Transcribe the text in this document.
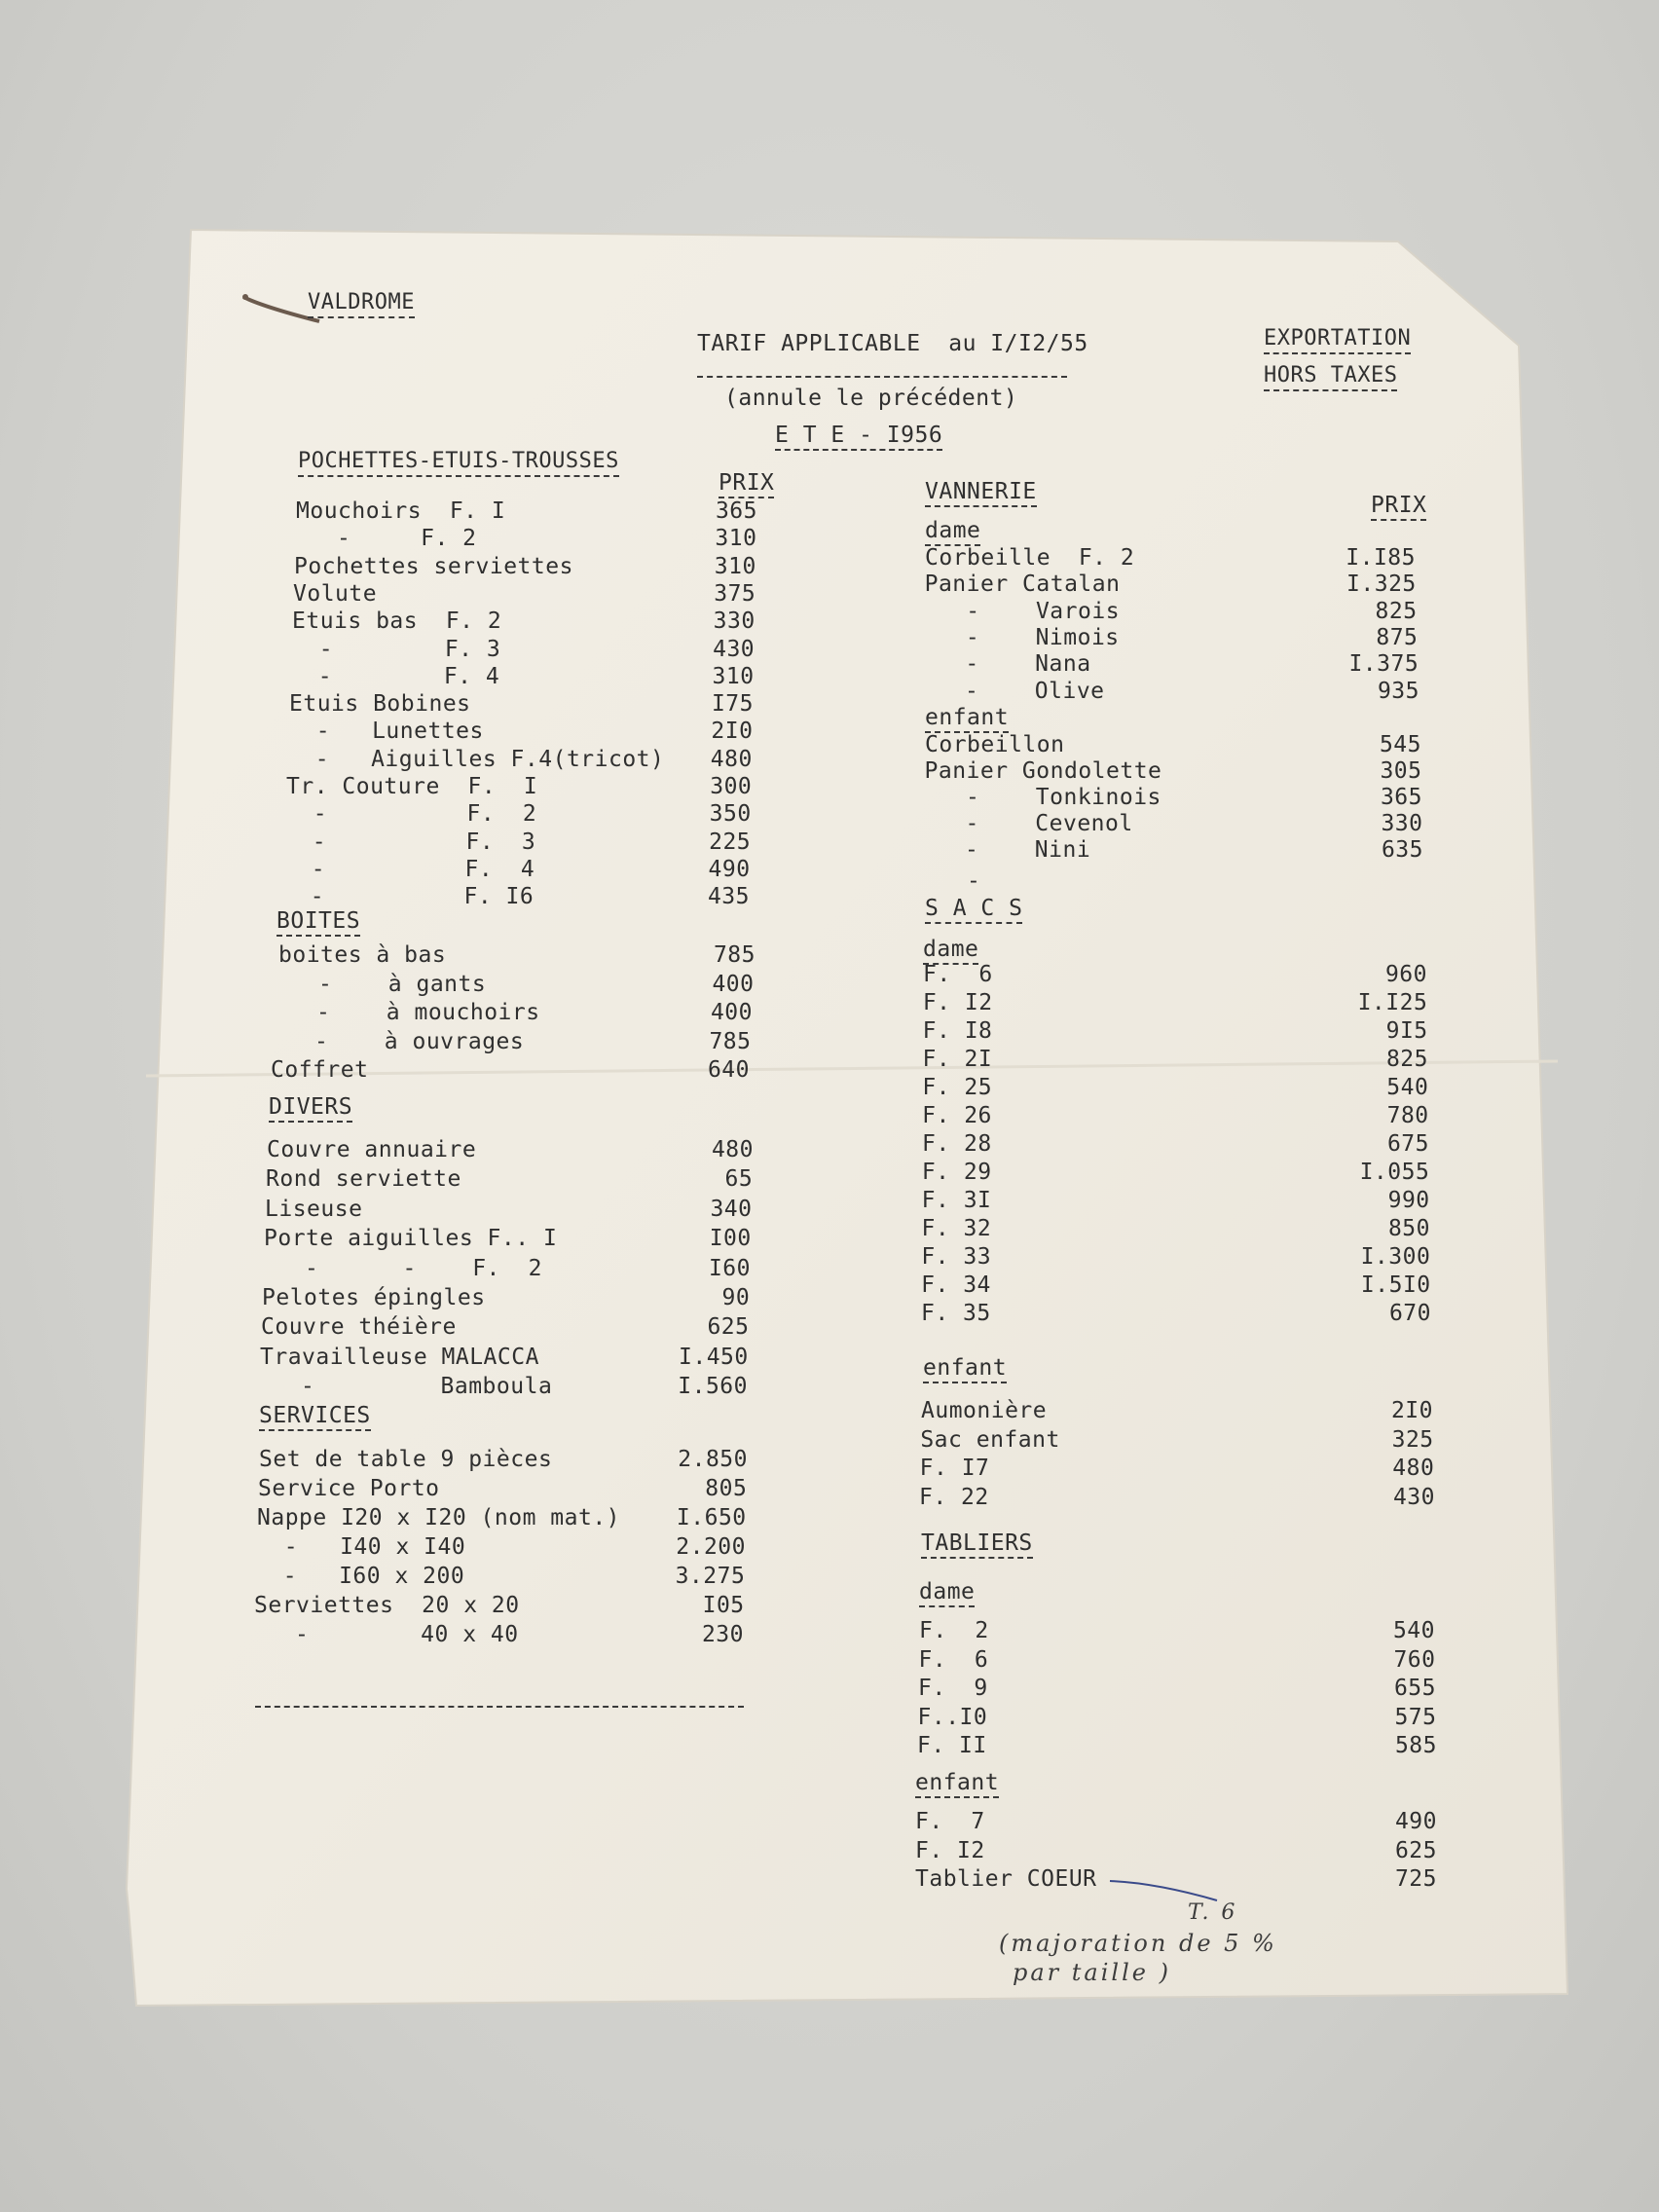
VALDROME
TARIF APPLICABLE  au I/I2/55
(annule le précédent)
E T E - I956
EXPORTATION
HORS TAXES
POCHETTES-ETUIS-TROUSSES
PRIX
Mouchoirs  F. I	365
-     F. 2	310
Pochettes serviettes	310
Volute	375
Etuis bas  F. 2	330
-        F. 3	430
-        F. 4	310
Etuis Bobines	I75
-   Lunettes	2I0
-   Aiguilles F.4(tricot)	480
Tr. Couture  F.  I	300
-          F.  2	350
-          F.  3	225
-          F.  4	490
-          F. I6	435
BOITES
boites à bas	785
-    à gants	400
-    à mouchoirs	400
-    à ouvrages	785
Coffret	640
DIVERS
Couvre annuaire	480
Rond serviette	65
Liseuse	340
Porte aiguilles F.. I	I00
-      -    F.  2	I60
Pelotes épingles	90
Couvre théière	625
Travailleuse MALACCA	I.450
-         Bamboula	I.560
SERVICES
Set de table 9 pièces	2.850
Service Porto	805
Nappe I20 x I20 (nom mat.)	I.650
-   I40 x I40	2.200
-   I60 x 200	3.275
Serviettes  20 x 20	I05
-        40 x 40	230
VANNERIE
PRIX
dame
Corbeille  F. 2	I.I85
Panier Catalan	I.325
-    Varois	825
-    Nimois	875
-    Nana	I.375
-    Olive	935
enfant
Corbeillon	545
Panier Gondolette	305
-    Tonkinois	365
-    Cevenol	330
-    Nini	635
-
S A C S
dame
F.  6	960
F. I2	I.I25
F. I8	9I5
F. 2I	825
F. 25	540
F. 26	780
F. 28	675
F. 29	I.055
F. 3I	990
F. 32	850
F. 33	I.300
F. 34	I.5I0
F. 35	670
enfant
Aumonière	2I0
Sac enfant	325
F. I7	480
F. 22	430
TABLIERS
dame
F.  2	540
F.  6	760
F.  9	655
F..I0	575
F. II	585
enfant
F.  7	490
F. I2	625
Tablier COEUR	725
T. 6
(majoration de 5 %
par taille )
